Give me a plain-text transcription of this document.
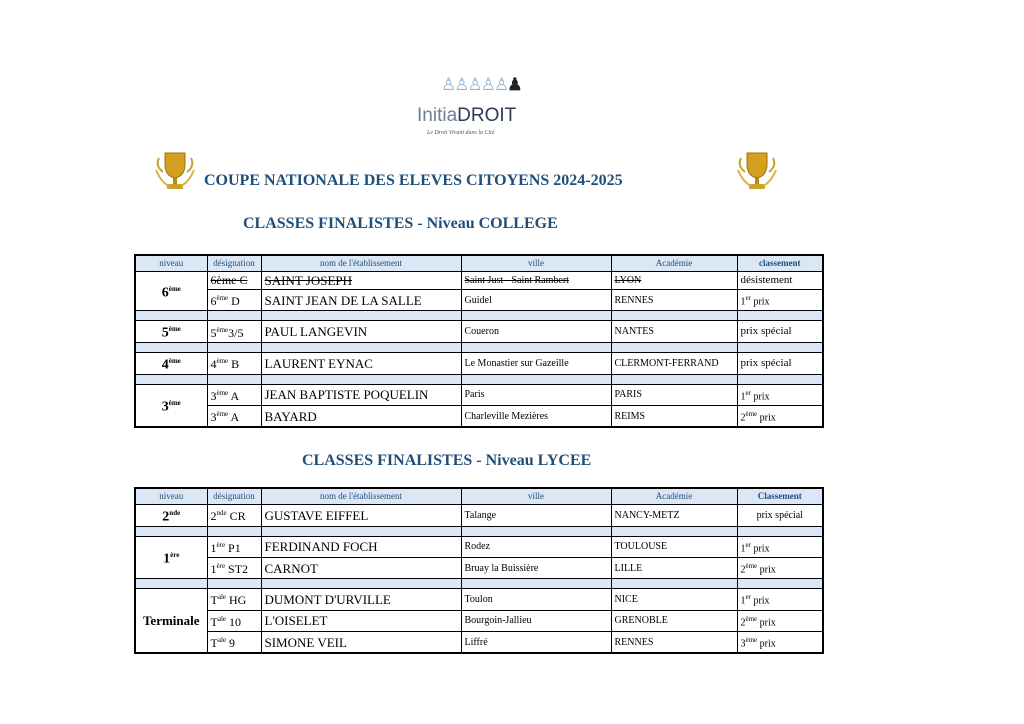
♙♙♙♙♙♟
InitiaDROIT
Le Droit Vivant dans la Cité
COUPE NATIONALE DES ELEVES CITOYENS 2024-2025
CLASSES FINALISTES - Niveau COLLEGE
niveau	désignation	nom de l'établissement	ville	Académie	classement
6ème	6ème C	SAINT JOSEPH	Saint Just - Saint Rambert	LYON	désistement
	6ème D	SAINT JEAN DE LA SALLE	Guidel	RENNES	1er prix

5ème	5ème3/5	PAUL LANGEVIN	Coueron	NANTES	prix spécial

4ème	4ème B	LAURENT EYNAC	Le Monastier sur Gazeille	CLERMONT-FERRAND	prix spécial

3ème	3ème A	JEAN BAPTISTE POQUELIN	Paris	PARIS	1er prix
	3ème A	BAYARD	Charleville Mezières	REIMS	2ème prix
CLASSES FINALISTES - Niveau LYCEE
niveau	désignation	nom de l'établissement	ville	Académie	Classement
2nde	2nde CR	GUSTAVE EIFFEL	Talange	NANCY-METZ	prix spécial

1ère	1ère P1	FERDINAND FOCH	Rodez	TOULOUSE	1er prix
	1ère ST2	CARNOT	Bruay la Buissière	LILLE	2ème prix

Terminale	$T^{ale}$ HG	DUMONT D'URVILLE	Toulon	NICE	1er prix
	$T^{ale}$ 10	L'OISELET	Bourgoin-Jallieu	GRENOBLE	2ème prix
	$T^{ale}$ 9	SIMONE VEIL	Liffré	RENNES	3ème prix
